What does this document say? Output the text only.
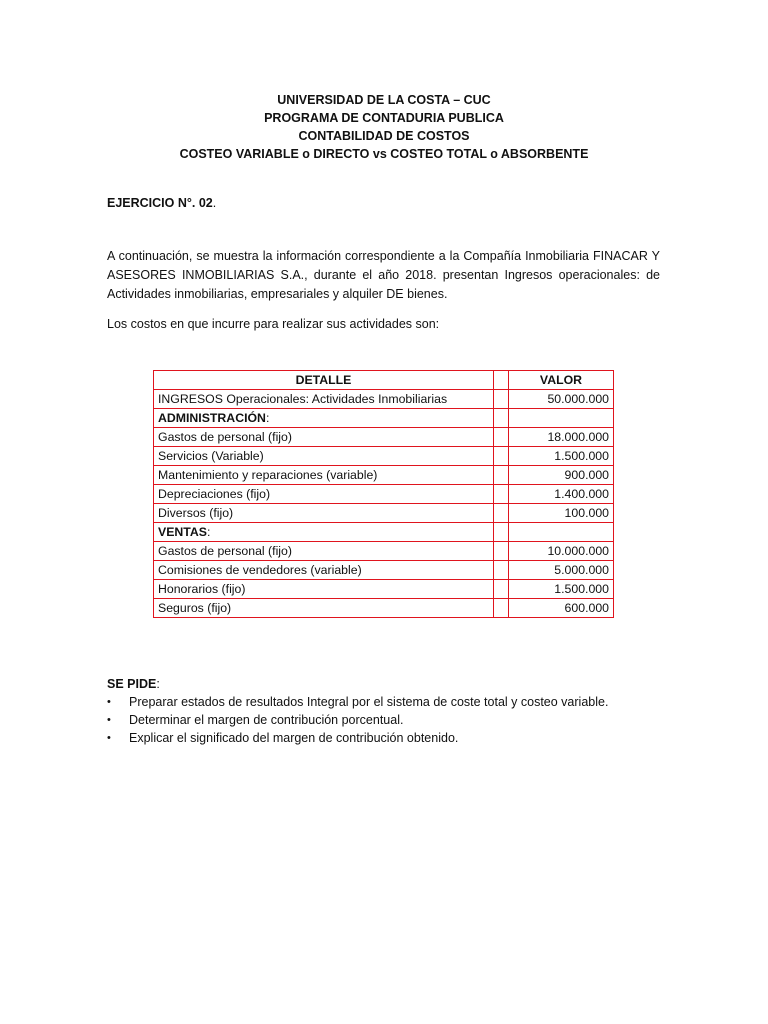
UNIVERSIDAD DE LA COSTA – CUC
PROGRAMA DE CONTADURIA PUBLICA
CONTABILIDAD DE COSTOS
COSTEO VARIABLE o DIRECTO vs COSTEO TOTAL o ABSORBENTE
EJERCICIO N°. 02.
A continuación, se muestra la información correspondiente a la Compañía Inmobiliaria FINACAR Y ASESORES INMOBILIARIAS S.A., durante el año 2018. presentan Ingresos operacionales: de Actividades inmobiliarias, empresariales y alquiler DE bienes.
Los costos en que incurre para realizar sus actividades son:
DETALLE		VALOR
INGRESOS Operacionales: Actividades Inmobiliarias		50.000.000
ADMINISTRACIÓN:		
Gastos de personal (fijo)		18.000.000
Servicios (Variable)		1.500.000
Mantenimiento y reparaciones (variable)		900.000
Depreciaciones (fijo)		1.400.000
Diversos (fijo)		100.000
VENTAS:		
Gastos de personal (fijo)		10.000.000
Comisiones de vendedores (variable)		5.000.000
Honorarios (fijo)		1.500.000
Seguros (fijo)		600.000
SE PIDE:
• Preparar estados de resultados Integral por el sistema de coste total y costeo variable.
• Determinar el margen de contribución porcentual.
• Explicar el significado del margen de contribución obtenido.
